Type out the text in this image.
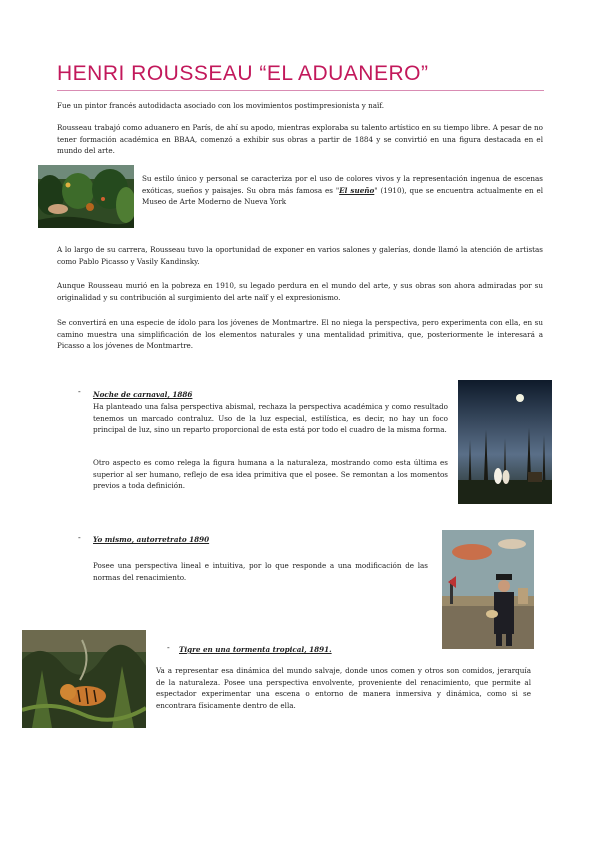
HENRI ROUSSEAU “EL ADUANERO”

Fue un pintor francés autodidacta asociado con los movimientos postimpresionista y naïf.

Rousseau trabajó como aduanero en París, de ahí su apodo, mientras exploraba su talento artístico en su tiempo libre. A pesar de no tener formación académica en BBAA, comenzó a exhibir sus obras a partir de 1884 y se convirtió en una figura destacada en el mundo del arte.

Su estilo único y personal se caracteriza por el uso de colores vivos y la representación ingenua de escenas exóticas, sueños y paisajes. Su obra más famosa es "El sueño" (1910), que se encuentra actualmente en el Museo de Arte Moderno de Nueva York

A lo largo de su carrera, Rousseau tuvo la oportunidad de exponer en varios salones y galerías, donde llamó la atención de artistas como Pablo Picasso y Vasily Kandinsky.

Aunque Rousseau murió en la pobreza en 1910, su legado perdura en el mundo del arte, y sus obras son ahora admiradas por su originalidad y su contribución al surgimiento del arte naïf y el expresionismo.

Se convertirá en una especie de ídolo para los jóvenes de Montmartre. El no niega la perspectiva, pero experimenta con ella, en su camino muestra una simplificación de los elementos naturales y una mentalidad primitiva, que, posteriormente le interesará a Picasso a los jóvenes de Montmartre.

- Noche de carnaval, 1886

Ha planteado una falsa perspectiva abismal, rechaza la perspectiva académica y como resultado tenemos un marcado contraluz. Uso de la luz especial, estilística, es decir, no hay un foco principal de luz, sino un reparto proporcional de esta está por todo el cuadro de la misma forma.

Otro aspecto es como relega la figura humana a la naturaleza, mostrando como esta última es superior al ser humano, reflejo de esa idea primitiva que el posee. Se remontan a los momentos previos a toda definición.

- Yo mismo, autorretrato 1890

Posee una perspectiva lineal e intuitiva, por lo que responde a una modificación de las normas del renacimiento.

- Tigre en una tormenta tropical, 1891.

Va a representar esa dinámica del mundo salvaje, donde unos comen y otros son comidos, jerarquía de la naturaleza. Posee una perspectiva envolvente, proveniente del renacimiento, que permite al espectador experimentar una escena o entorno de manera inmersiva y dinámica, como si se encontrara físicamente dentro de ella.
